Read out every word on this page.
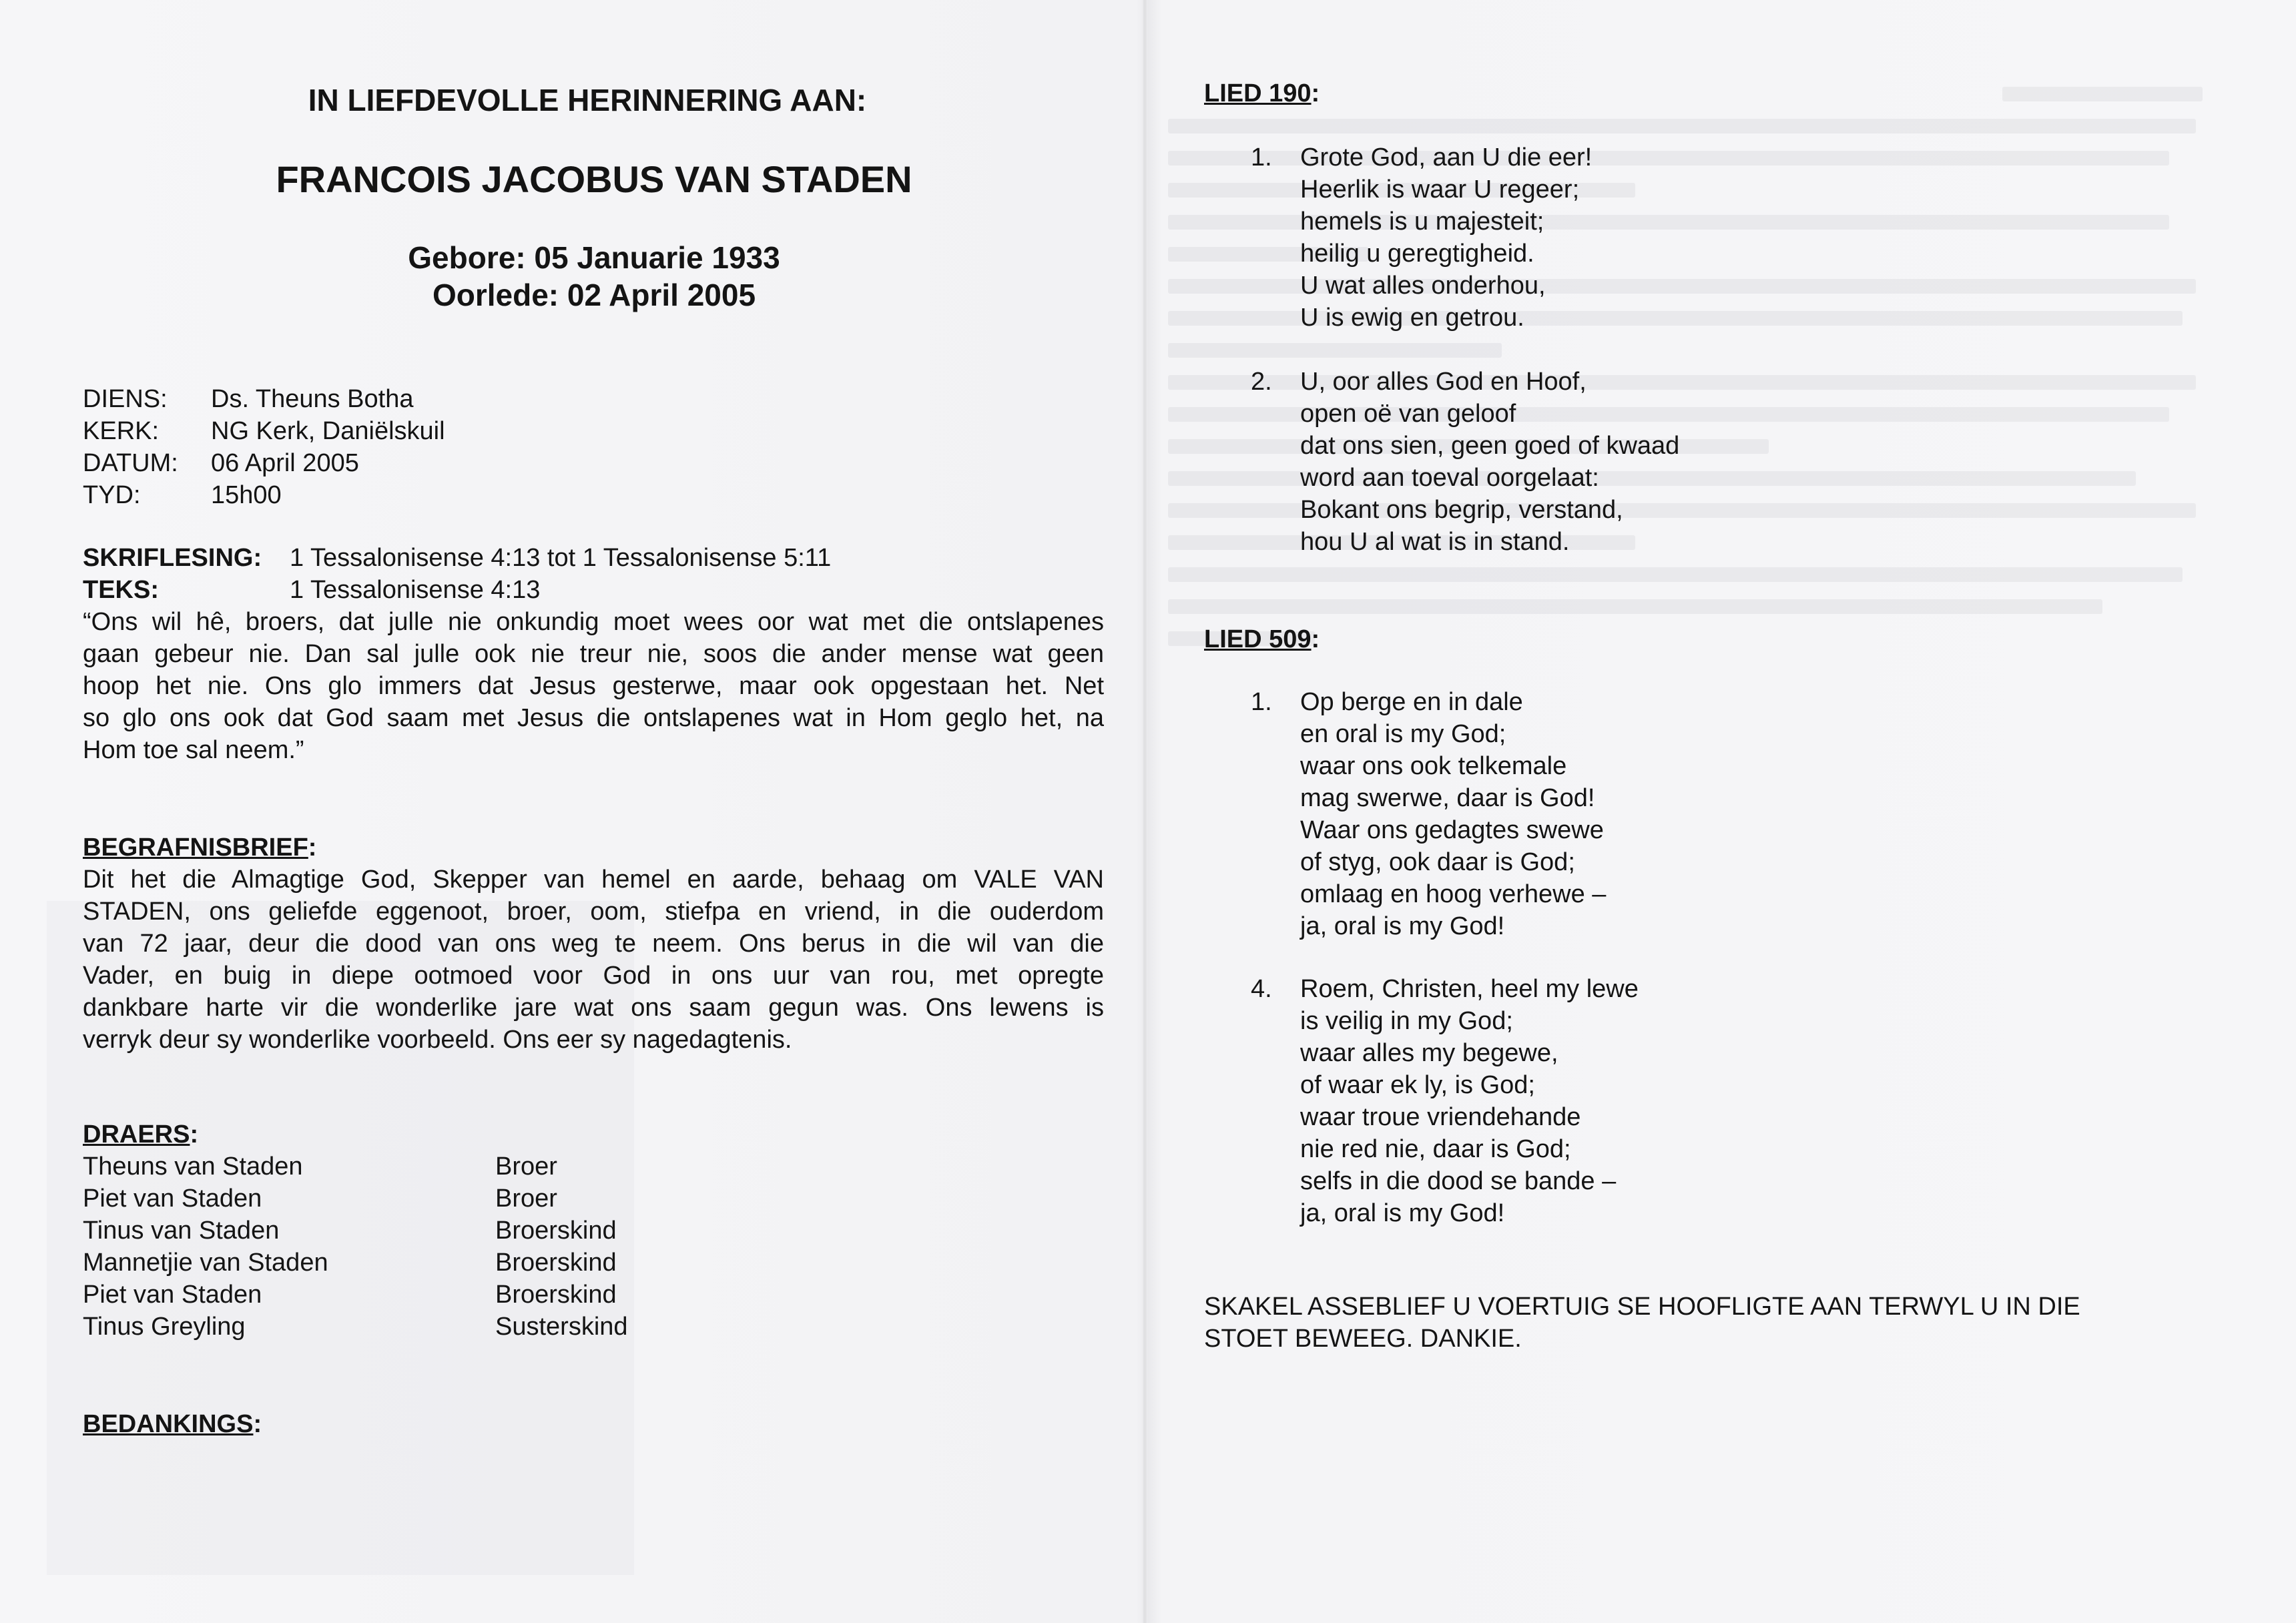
IN LIEFDEVOLLE HERINNERING AAN:
FRANCOIS JACOBUS VAN STADEN
Gebore: 05 Januarie 1933
Oorlede: 02 April 2005
DIENS:	Ds. Theuns Botha
KERK:	NG Kerk, Daniëlskuil
DATUM:	06 April 2005
TYD:	15h00
SKRIFLESING:	1 Tessalonisense 4:13 tot 1 Tessalonisense 5:11
TEKS:	1 Tessalonisense 4:13
“Ons wil hê, broers, dat julle nie onkundig moet wees oor wat met die ontslapenes
gaan gebeur nie. Dan sal julle ook nie treur nie, soos die ander mense wat geen
hoop het nie. Ons glo immers dat Jesus gesterwe, maar ook opgestaan het. Net
so glo ons ook dat God saam met Jesus die ontslapenes wat in Hom geglo het, na
Hom toe sal neem.”
BEGRAFNISBRIEF:
Dit het die Almagtige God, Skepper van hemel en aarde, behaag om VALE VAN
STADEN, ons geliefde eggenoot, broer, oom, stiefpa en vriend, in die ouderdom
van 72 jaar, deur die dood van ons weg te neem. Ons berus in die wil van die
Vader, en buig in diepe ootmoed voor God in ons uur van rou, met opregte
dankbare harte vir die wonderlike jare wat ons saam gegun was. Ons lewens is
verryk deur sy wonderlike voorbeeld. Ons eer sy nagedagtenis.
DRAERS:
Theuns van Staden	Broer
Piet van Staden	Broer
Tinus van Staden	Broerskind
Mannetjie van Staden	Broerskind
Piet van Staden	Broerskind
Tinus Greyling	Susterskind
BEDANKINGS:
LIED 190:
1.	Grote God, aan U die eer!
Heerlik is waar U regeer;
hemels is u majesteit;
heilig u geregtigheid.
U wat alles onderhou,
U is ewig en getrou.
2.	U, oor alles God en Hoof,
open oë van geloof
dat ons sien, geen goed of kwaad
word aan toeval oorgelaat:
Bokant ons begrip, verstand,
hou U al wat is in stand.
LIED 509:
1.	Op berge en in dale
en oral is my God;
waar ons ook telkemale
mag swerwe, daar is God!
Waar ons gedagtes swewe
of styg, ook daar is God;
omlaag en hoog verhewe –
ja, oral is my God!
4.	Roem, Christen, heel my lewe
is veilig in my God;
waar alles my begewe,
of waar ek ly, is God;
waar troue vriendehande
nie red nie, daar is God;
selfs in die dood se bande –
ja, oral is my God!
SKAKEL ASSEBLIEF U VOERTUIG SE HOOFLIGTE AAN TERWYL U IN DIE
STOET BEWEEG. DANKIE.
